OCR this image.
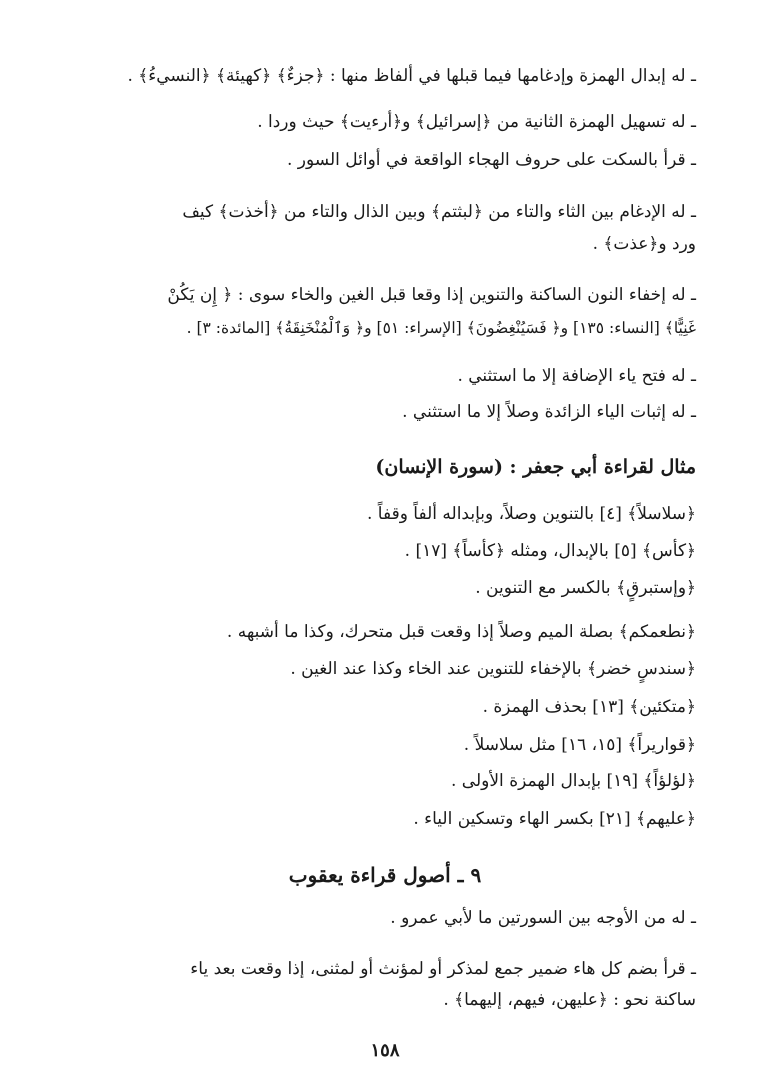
ـ له إبدال الهمزة وإدغامها فيما قبلها في ألفاظ منها : ﴿جزءٌ﴾ ﴿كهيئة﴾ ﴿النسيءُ﴾ .
ـ له تسهيل الهمزة الثانية من ﴿إسرائيل﴾ و﴿أرءيت﴾ حيث وردا .
ـ قرأ بالسكت على حروف الهجاء الواقعة في أوائل السور .
ـ له الإدغام بين الثاء والتاء من ﴿لبثتم﴾ وبين الذال والتاء من ﴿أخذت﴾ كيف
ورد و﴿عذت﴾ .
ـ له إخفاء النون الساكنة والتنوين إذا وقعا قبل الغين والخاء سوى : ﴿ إِن يَكُنْ
غَنِيًّا﴾ [النساء: ١٣٥] و﴿ فَسَيُنْغِضُونَ﴾ [الإسراء: ٥١] و﴿ وَٱلْمُنْخَنِقَةُ﴾ [المائدة: ٣] .
ـ له فتح ياء الإضافة إلا ما استثني .
ـ له إثبات الياء الزائدة وصلاً إلا ما استثني .
مثال لقراءة أبي جعفر : (سورة الإنسان)
﴿سلاسلاً﴾ [٤] بالتنوين وصلاً، وبإبداله ألفاً وقفاً .
﴿كأس﴾ [٥] بالإبدال، ومثله ﴿كأساً﴾ [١٧] .
﴿وإستبرقٍ﴾ بالكسر مع التنوين .
﴿نطعمكم﴾ بصلة الميم وصلاً إذا وقعت قبل متحرك، وكذا ما أشبهه .
﴿سندسٍ خضر﴾ بالإخفاء للتنوين عند الخاء وكذا عند الغين .
﴿متكئين﴾ [١٣] بحذف الهمزة .
﴿قواريراً﴾ [١٥، ١٦] مثل سلاسلاً .
﴿لؤلؤاً﴾ [١٩] بإبدال الهمزة الأولى .
﴿عليهم﴾ [٢١] بكسر الهاء وتسكين الياء .
٩ ـ أصول قراءة يعقوب
ـ له من الأوجه بين السورتين ما لأبي عمرو .
ـ قرأ بضم كل هاء ضمير جمع لمذكر أو لمؤنث أو لمثنى، إذا وقعت بعد ياء
ساكنة نحو : ﴿عليهن، فيهم، إليهما﴾ .
١٥٨
